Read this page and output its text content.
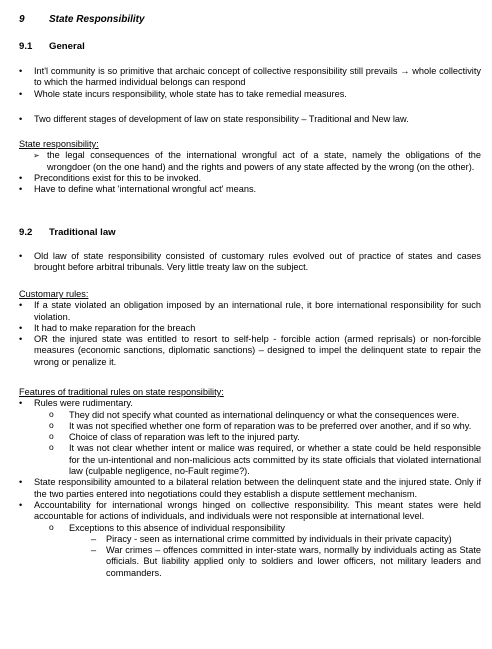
9 State Responsibility
9.1 General
• Int'l community is so primitive that archaic concept of collective responsibility still prevails → whole collectivity to which the harmed individual belongs can respond
• Whole state incurs responsibility, whole state has to take remedial measures.
• Two different stages of development of law on state responsibility – Traditional and New law.
State responsibility:
➢ the legal consequences of the international wrongful act of a state, namely the obligations of the wrongdoer (on the one hand) and the rights and powers of any state affected by the wrong (on the other).
• Preconditions exist for this to be invoked.
• Have to define what 'international wrongful act' means.
9.2 Traditional law
• Old law of state responsibility consisted of customary rules evolved out of practice of states and cases brought before arbitral tribunals. Very little treaty law on the subject.
Customary rules:
• If a state violated an obligation imposed by an international rule, it bore international responsibility for such violation.
• It had to make reparation for the breach
• OR the injured state was entitled to resort to self-help - forcible action (armed reprisals) or non-forcible measures (economic sanctions, diplomatic sanctions) – designed to impel the delinquent state to repair the wrong or penalize it.
Features of traditional rules on state responsibility:
• Rules were rudimentary.
o They did not specify what counted as international delinquency or what the consequences were.
o It was not specified whether one form of reparation was to be preferred over another, and if so why.
o Choice of class of reparation was left to the injured party.
o It was not clear whether intent or malice was required, or whether a state could be held responsible for the un-intentional and non-malicious acts committed by its state officials that violated international law (culpable negligence, no-Fault regime?).
• State responsibility amounted to a bilateral relation between the delinquent state and the injured state. Only if the two parties entered into negotiations could they establish a dispute settlement mechanism.
• Accountability for international wrongs hinged on collective responsibility. This meant states were held accountable for actions of individuals, and individuals were not responsible at international level.
o Exceptions to this absence of individual responsibility
– Piracy - seen as international crime committed by individuals in their private capacity)
– War crimes – offences committed in inter-state wars, normally by individuals acting as State officials. But liability applied only to soldiers and lower officers, not military leaders and commanders.
